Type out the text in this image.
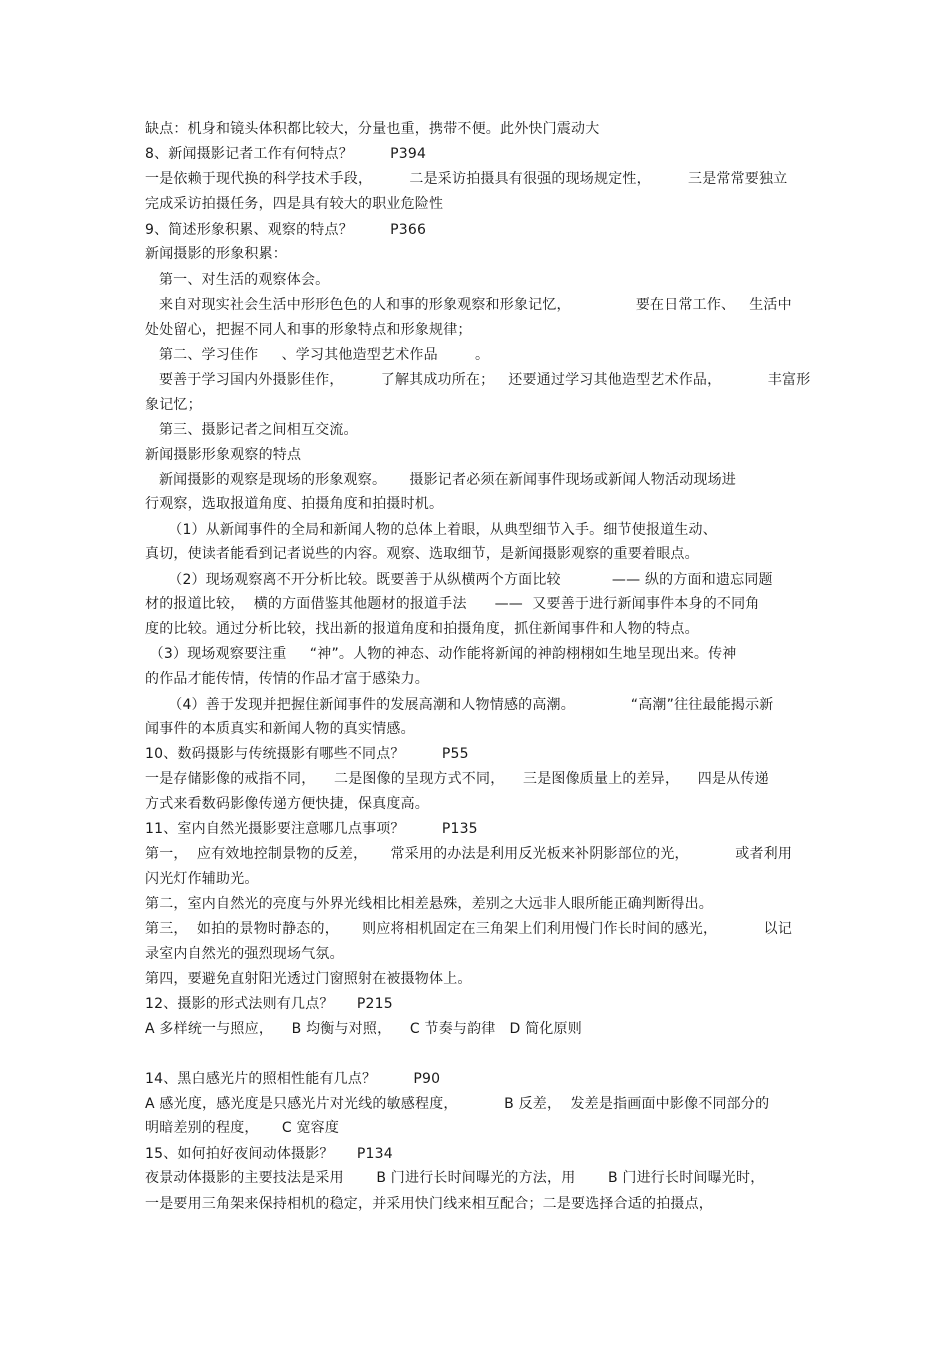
缺点：机身和镜头体积都比较大，分量也重，携带不便。此外快门震动大
8、新闻摄影记者工作有何特点？        P394
一是依赖于现代换的科学技术手段，        二是采访拍摄具有很强的现场规定性，        三是常常要独立
完成采访拍摄任务，四是具有较大的职业危险性
9、简述形象积累、观察的特点？        P366
新闻摄影的形象积累：
第一、对生活的观察体会。
来自对现实社会生活中形形色色的人和事的形象观察和形象记忆，              要在日常工作、   生活中
处处留心，把握不同人和事的形象特点和形象规律；
第二、学习佳作     、学习其他造型艺术作品        。
要善于学习国内外摄影佳作，        了解其成功所在；   还要通过学习其他造型艺术作品，          丰富形
象记忆；
第三、摄影记者之间相互交流。
新闻摄影形象观察的特点
新闻摄影的观察是现场的形象观察。     摄影记者必须在新闻事件现场或新闻人物活动现场进
行观察，选取报道角度、拍摄角度和拍摄时机。
（1）从新闻事件的全局和新闻人物的总体上着眼，从典型细节入手。细节使报道生动、
真切，使读者能看到记者说些的内容。观察、选取细节，是新闻摄影观察的重要着眼点。
（2）现场观察离不开分析比较。既要善于从纵横两个方面比较           —— 纵的方面和遗忘同题
材的报道比较，  横的方面借鉴其他题材的报道手法      ——  又要善于进行新闻事件本身的不同角
度的比较。通过分析比较，找出新的报道角度和拍摄角度，抓住新闻事件和人物的特点。
（3）现场观察要注重     “神”。人物的神态、动作能将新闻的神韵栩栩如生地呈现出来。传神
的作品才能传情，传情的作品才富于感染力。
（4）善于发现并把握住新闻事件的发展高潮和人物情感的高潮。            “高潮”往往最能揭示新
闻事件的本质真实和新闻人物的真实情感。
10、数码摄影与传统摄影有哪些不同点？        P55
一是存储影像的戒指不同，    二是图像的呈现方式不同，    三是图像质量上的差异，    四是从传递
方式来看数码影像传递方便快捷，保真度高。
11、室内自然光摄影要注意哪几点事项？        P135
第一，  应有效地控制景物的反差，     常采用的办法是利用反光板来补阴影部位的光，          或者利用
闪光灯作辅助光。
第二，室内自然光的亮度与外界光线相比相差悬殊，差别之大远非人眼所能正确判断得出。
第三，  如拍的景物时静态的，     则应将相机固定在三角架上们利用慢门作长时间的感光，          以记
录室内自然光的强烈现场气氛。
第四，要避免直射阳光透过门窗照射在被摄物体上。
12、摄影的形式法则有几点？     P215
A 多样统一与照应，    B 均衡与对照，    C 节奏与韵律   D 简化原则
14、黑白感光片的照相性能有几点？        P90
A 感光度，感光度是只感光片对光线的敏感程度，          B 反差，  发差是指画面中影像不同部分的
明暗差别的程度，     C 宽容度
15、如何拍好夜间动体摄影？     P134
夜景动体摄影的主要技法是采用       B 门进行长时间曝光的方法，用       B 门进行长时间曝光时，
一是要用三角架来保持相机的稳定，并采用快门线来相互配合；二是要选择合适的拍摄点，
